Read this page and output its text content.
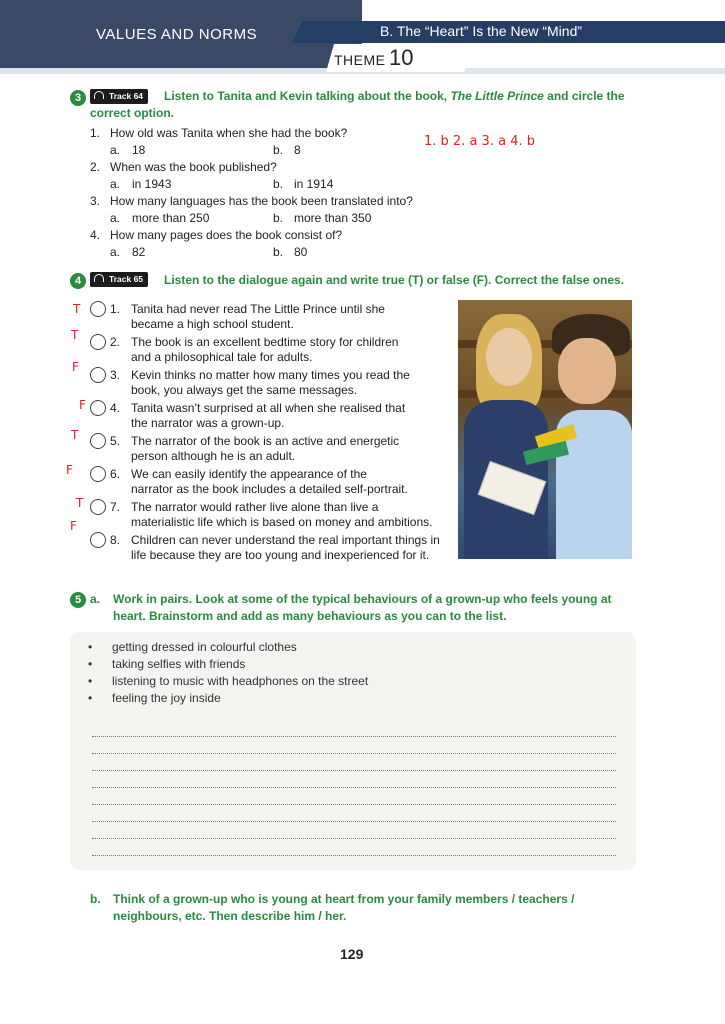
VALUES AND NORMS	B. The “Heart” Is the New “Mind”
THEME 10
3	Track 64	Listen to Tanita and Kevin talking about the book, The Little Prince and circle the
correct option.
1. b 2. a 3. a 4. b
1. How old was Tanita when she had the book?
a. 18	b. 8
2. When was the book published?
a. in 1943	b. in 1914
3. How many languages has the book been translated into?
a. more than 250	b. more than 350
4. How many pages does the book consist of?
a. 82	b. 80
4	Track 65	Listen to the dialogue again and write true (T) or false (F). Correct the false ones.
T 1. Tanita had never read The Little Prince until she
became a high school student.
T	2. The book is an excellent bedtime story for children
and a philosophical tale for adults.
F
3. Kevin thinks no matter how many times you read the
book, you always get the same messages.
F 4. Tanita wasn’t surprised at all when she realised that
the narrator was a grown-up.
T	5. The narrator of the book is an active and energetic
person although he is an adult.
F	6. We can easily identify the appearance of the
narrator as the book includes a detailed self-portrait.
T 7. The narrator would rather live alone than live a
materialistic life which is based on money and ambitions.
F
8. Children can never understand the real important things in
life because they are too young and inexperienced for it.
5 a. Work in pairs. Look at some of the typical behaviours of a grown-up who feels young at
heart. Brainstorm and add as many behaviours as you can to the list.
• getting dressed in colourful clothes
• taking selfies with friends
• listening to music with headphones on the street
• feeling the joy inside
b. Think of a grown-up who is young at heart from your family members / teachers /
neighbours, etc. Then describe him / her.
129
